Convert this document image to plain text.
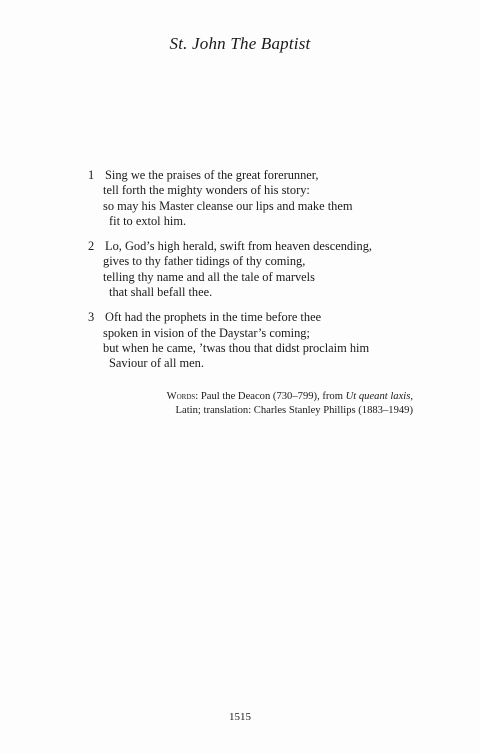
St. John The Baptist
1 Sing we the praises of the great forerunner,
tell forth the mighty wonders of his story:
so may his Master cleanse our lips and make them
fit to extol him.
2 Lo, God’s high herald, swift from heaven descending,
gives to thy father tidings of thy coming,
telling thy name and all the tale of marvels
that shall befall thee.
3 Oft had the prophets in the time before thee
spoken in vision of the Daystar’s coming;
but when he came, ’twas thou that didst proclaim him
Saviour of all men.
Words: Paul the Deacon (730–799), from Ut queant laxis,
Latin; translation: Charles Stanley Phillips (1883–1949)
1515
